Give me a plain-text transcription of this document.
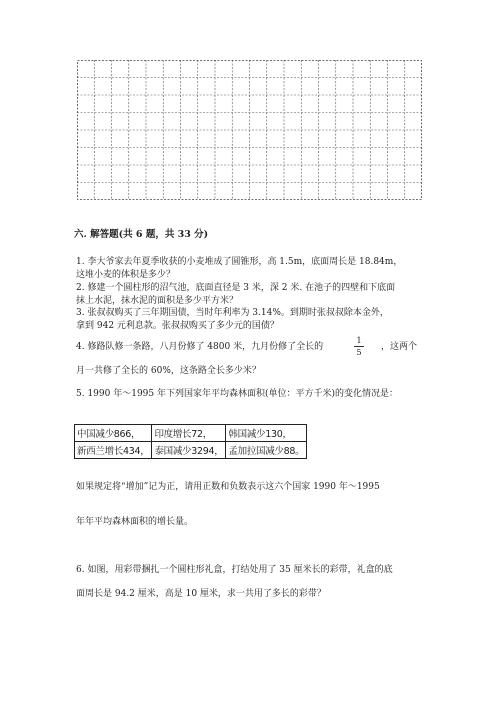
六. 解答题(共 6 题，共 33 分)
1. 李大爷家去年夏季收获的小麦堆成了圆锥形，高 1.5m，底面周长是 18.84m，
这堆小麦的体积是多少？
2. 修建一个圆柱形的沼气池，底面直径是 3 米，深 2 米. 在池子的四壁和下底面
抹上水泥，抹水泥的面积是多少平方米？
3. 张叔叔购买了三年期国债，当时年利率为 3.14%。到期时张叔叔除本金外，
拿到 942 元利息款。张叔叔购买了多少元的国债？
4. 修路队修一条路，八月份修了 4800 米，九月份修了全长的
1
5
，这两个
月一共修了全长的 60%，这条路全长多少米？
5. 1990 年～1995 年下列国家年平均森林面积(单位：平方千米)的变化情况是：
中国减少866，	印度增长72，	韩国减少130，
新西兰增长434，	泰国减少3294，	孟加拉国减少88。
如果规定将“增加”记为正，请用正数和负数表示这六个国家 1990 年～1995
年年平均森林面积的增长量。
6. 如图，用彩带捆扎一个圆柱形礼盒，打结处用了 35 厘米长的彩带，礼盒的底
面周长是 94.2 厘米，高是 10 厘米，求一共用了多长的彩带？
